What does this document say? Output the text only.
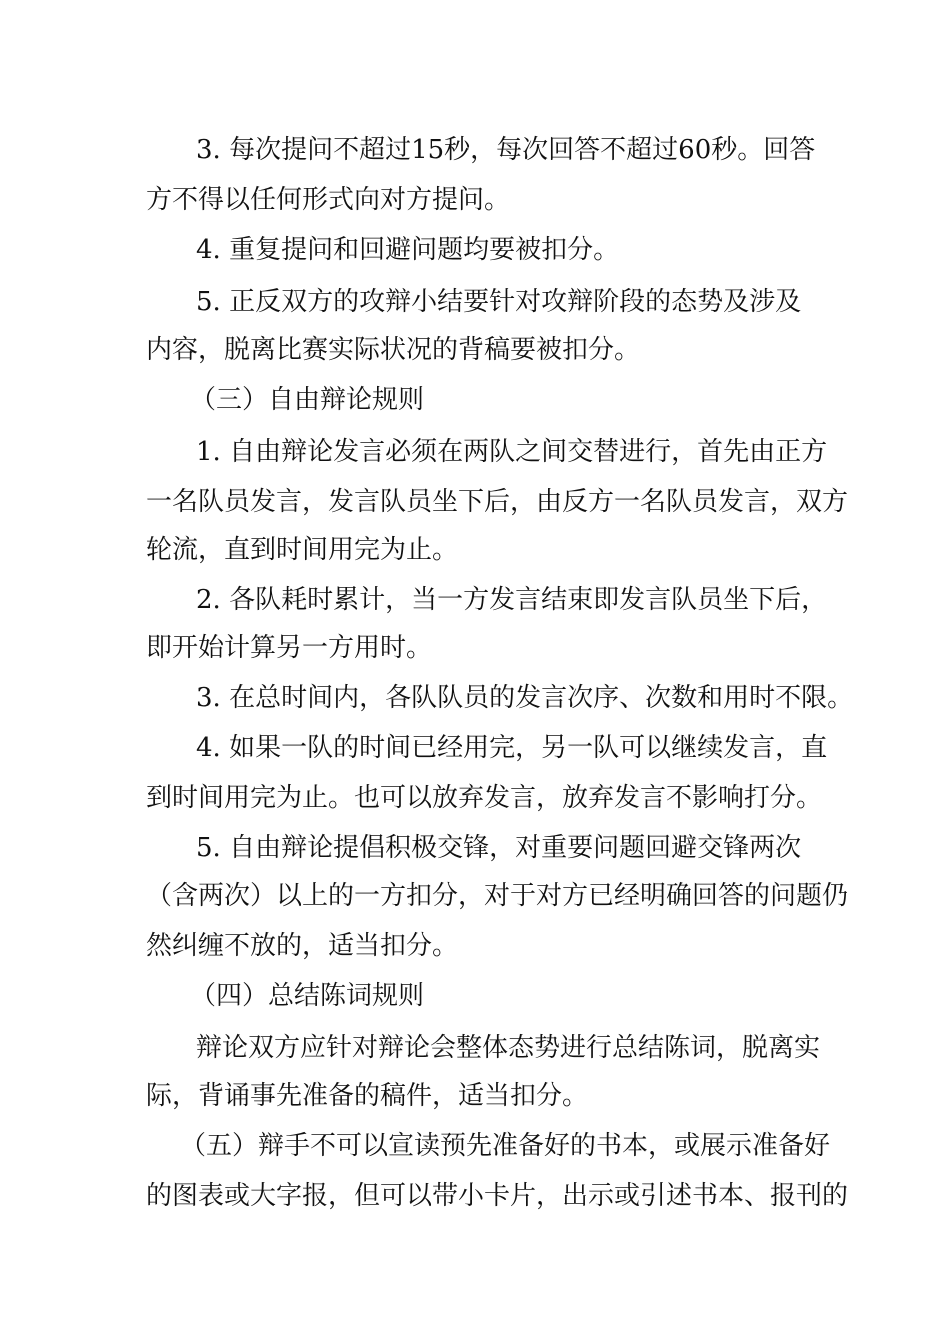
3. 每次提问不超过15秒，每次回答不超过60秒。回答
方不得以任何形式向对方提问。
4. 重复提问和回避问题均要被扣分。
5. 正反双方的攻辩小结要针对攻辩阶段的态势及涉及
内容，脱离比赛实际状况的背稿要被扣分。
（三）自由辩论规则
1. 自由辩论发言必须在两队之间交替进行，首先由正方
一名队员发言，发言队员坐下后，由反方一名队员发言，双方
轮流，直到时间用完为止。
2. 各队耗时累计，当一方发言结束即发言队员坐下后，
即开始计算另一方用时。
3. 在总时间内，各队队员的发言次序、次数和用时不限。
4. 如果一队的时间已经用完，另一队可以继续发言，直
到时间用完为止。也可以放弃发言，放弃发言不影响打分。
5. 自由辩论提倡积极交锋，对重要问题回避交锋两次
（含两次）以上的一方扣分，对于对方已经明确回答的问题仍
然纠缠不放的，适当扣分。
（四）总结陈词规则
辩论双方应针对辩论会整体态势进行总结陈词，脱离实
际，背诵事先准备的稿件，适当扣分。
（五）辩手不可以宣读预先准备好的书本，或展示准备好
的图表或大字报，但可以带小卡片，出示或引述书本、报刊的
